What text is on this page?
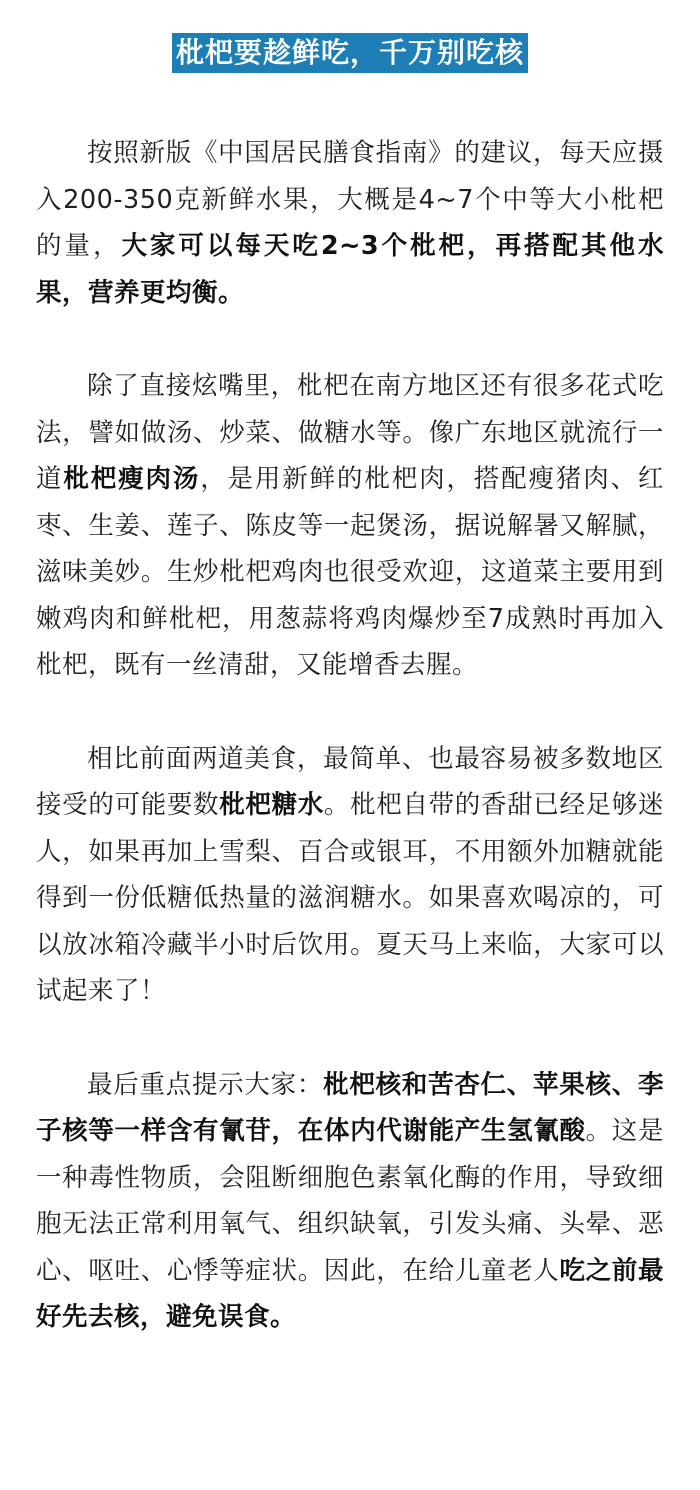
枇杷要趁鲜吃，千万别吃核

按照新版《中国居民膳食指南》的建议，每天应摄入200-350克新鲜水果，大概是4~7个中等大小枇杷的量，大家可以每天吃2~3个枇杷，再搭配其他水果，营养更均衡。

除了直接炫嘴里，枇杷在南方地区还有很多花式吃法，譬如做汤、炒菜、做糖水等。像广东地区就流行一道枇杷瘦肉汤，是用新鲜的枇杷肉，搭配瘦猪肉、红枣、生姜、莲子、陈皮等一起煲汤，据说解暑又解腻，滋味美妙。生炒枇杷鸡肉也很受欢迎，这道菜主要用到嫩鸡肉和鲜枇杷，用葱蒜将鸡肉爆炒至7成熟时再加入枇杷，既有一丝清甜，又能增香去腥。

相比前面两道美食，最简单、也最容易被多数地区接受的可能要数枇杷糖水。枇杷自带的香甜已经足够迷人，如果再加上雪梨、百合或银耳，不用额外加糖就能得到一份低糖低热量的滋润糖水。如果喜欢喝凉的，可以放冰箱冷藏半小时后饮用。夏天马上来临，大家可以试起来了！

最后重点提示大家：枇杷核和苦杏仁、苹果核、李子核等一样含有氰苷，在体内代谢能产生氢氰酸。这是一种毒性物质，会阻断细胞色素氧化酶的作用，导致细胞无法正常利用氧气、组织缺氧，引发头痛、头晕、恶心、呕吐、心悸等症状。因此，在给儿童老人吃之前最好先去核，避免误食。
